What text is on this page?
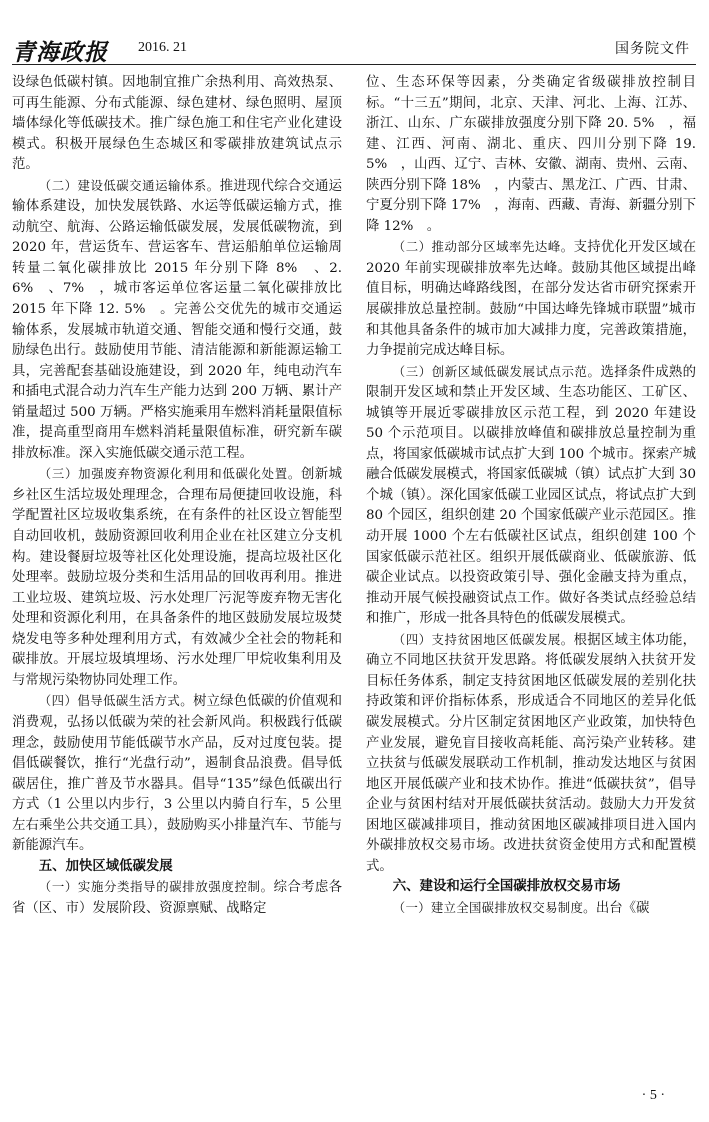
青海政报 2016. 21	国务院文件

设绿色低碳村镇。因地制宜推广余热利用、高效热泵、可再生能源、分布式能源、绿色建材、绿色照明、屋顶墙体绿化等低碳技术。推广绿色施工和住宅产业化建设模式。积极开展绿色生态城区和零碳排放建筑试点示范。

（二）建设低碳交通运输体系。推进现代综合交通运输体系建设，加快发展铁路、水运等低碳运输方式，推动航空、航海、公路运输低碳发展，发展低碳物流，到 2020 年，营运货车、营运客车、营运船舶单位运输周转量二氧化碳排放比 2015 年分别下降 8%　、2. 6%　、7%　，城市客运单位客运量二氧化碳排放比 2015 年下降 12. 5%　。完善公交优先的城市交通运输体系，发展城市轨道交通、智能交通和慢行交通，鼓励绿色出行。鼓励使用节能、清洁能源和新能源运输工具，完善配套基础设施建设，到 2020 年，纯电动汽车和插电式混合动力汽车生产能力达到 200 万辆、累计产销量超过 500 万辆。严格实施乘用车燃料消耗量限值标准，提高重型商用车燃料消耗量限值标准，研究新车碳排放标准。深入实施低碳交通示范工程。

（三）加强废弃物资源化利用和低碳化处置。创新城乡社区生活垃圾处理理念，合理布局便捷回收设施，科学配置社区垃圾收集系统，在有条件的社区设立智能型自动回收机，鼓励资源回收利用企业在社区建立分支机构。建设餐厨垃圾等社区化处理设施，提高垃圾社区化处理率。鼓励垃圾分类和生活用品的回收再利用。推进工业垃圾、建筑垃圾、污水处理厂污泥等废弃物无害化处理和资源化利用，在具备条件的地区鼓励发展垃圾焚烧发电等多种处理利用方式，有效减少全社会的物耗和碳排放。开展垃圾填埋场、污水处理厂甲烷收集利用及与常规污染物协同处理工作。

（四）倡导低碳生活方式。树立绿色低碳的价值观和消费观，弘扬以低碳为荣的社会新风尚。积极践行低碳理念，鼓励使用节能低碳节水产品，反对过度包装。提倡低碳餐饮，推行“光盘行动”，遏制食品浪费。倡导低碳居住，推广普及节水器具。倡导“135”绿色低碳出行方式（1 公里以内步行，3 公里以内骑自行车，5 公里左右乘坐公共交通工具），鼓励购买小排量汽车、节能与新能源汽车。

五、加快区域低碳发展

（一）实施分类指导的碳排放强度控制。综合考虑各省（区、市）发展阶段、资源禀赋、战略定

位、生态环保等因素，分类确定省级碳排放控制目标。“十三五”期间，北京、天津、河北、上海、江苏、浙江、山东、广东碳排放强度分别下降 20. 5%　，福建、江西、河南、湖北、重庆、四川分别下降 19. 5%　，山西、辽宁、吉林、安徽、湖南、贵州、云南、陕西分别下降 18%　，内蒙古、黑龙江、广西、甘肃、宁夏分别下降 17%　，海南、西藏、青海、新疆分别下降 12%　。

（二）推动部分区域率先达峰。支持优化开发区域在 2020 年前实现碳排放率先达峰。鼓励其他区域提出峰值目标，明确达峰路线图，在部分发达省市研究探索开展碳排放总量控制。鼓励“中国达峰先锋城市联盟”城市和其他具备条件的城市加大减排力度，完善政策措施，力争提前完成达峰目标。

（三）创新区域低碳发展试点示范。选择条件成熟的限制开发区域和禁止开发区域、生态功能区、工矿区、城镇等开展近零碳排放区示范工程，到 2020 年建设 50 个示范项目。以碳排放峰值和碳排放总量控制为重点，将国家低碳城市试点扩大到 100 个城市。探索产城融合低碳发展模式，将国家低碳城（镇）试点扩大到 30 个城（镇）。深化国家低碳工业园区试点，将试点扩大到 80 个园区，组织创建 20 个国家低碳产业示范园区。推动开展 1000 个左右低碳社区试点，组织创建 100 个国家低碳示范社区。组织开展低碳商业、低碳旅游、低碳企业试点。以投资政策引导、强化金融支持为重点，推动开展气候投融资试点工作。做好各类试点经验总结和推广，形成一批各具特色的低碳发展模式。

（四）支持贫困地区低碳发展。根据区域主体功能，确立不同地区扶贫开发思路。将低碳发展纳入扶贫开发目标任务体系，制定支持贫困地区低碳发展的差别化扶持政策和评价指标体系，形成适合不同地区的差异化低碳发展模式。分片区制定贫困地区产业政策，加快特色产业发展，避免盲目接收高耗能、高污染产业转移。建立扶贫与低碳发展联动工作机制，推动发达地区与贫困地区开展低碳产业和技术协作。推进“低碳扶贫”，倡导企业与贫困村结对开展低碳扶贫活动。鼓励大力开发贫困地区碳减排项目，推动贫困地区碳减排项目进入国内外碳排放权交易市场。改进扶贫资金使用方式和配置模式。

六、建设和运行全国碳排放权交易市场

（一）建立全国碳排放权交易制度。出台《碳

· 5 ·
